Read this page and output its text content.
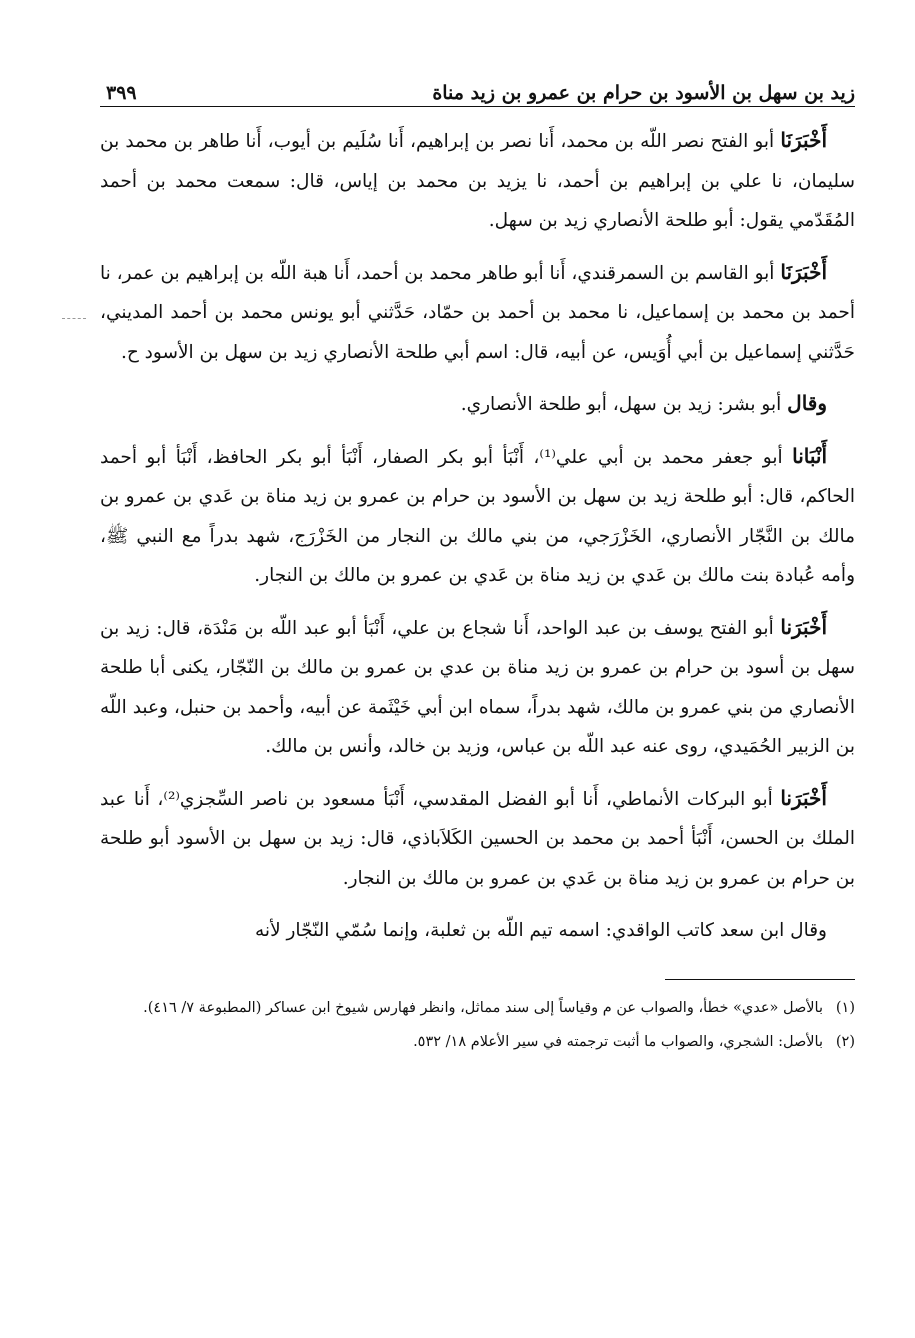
زيد بن سهل بن الأسود بن حرام بن عمرو بن زيد مناة
٣٩٩

أَخْبَرَنَا أبو الفتح نصر اللّه بن محمد، أَنا نصر بن إبراهيم، أَنا سُلَيم بن أيوب، أَنا طاهر بن محمد بن سليمان، نا علي بن إبراهيم بن أحمد، نا يزيد بن محمد بن إياس، قال: سمعت محمد بن أحمد المُقَدّمي يقول: أبو طلحة الأنصاري زيد بن سهل.

أَخْبَرَنَا أبو القاسم بن السمرقندي، أَنا أبو طاهر محمد بن أحمد، أَنا هبة اللّه بن إبراهيم بن عمر، نا أحمد بن محمد بن إسماعيل، نا محمد بن أحمد بن حمّاد، حَدَّثني أبو يونس محمد بن أحمد المديني، حَدَّثني إسماعيل بن أبي أُوَيس، عن أبيه، قال: اسم أبي طلحة الأنصاري زيد بن سهل بن الأسود ح.

وقال أبو بشر: زيد بن سهل، أبو طلحة الأنصاري.

أَنْبَانا أبو جعفر محمد بن أبي علي⁽¹⁾، أَنْبَأ أبو بكر الصفار، أَنْبَأ أبو بكر الحافظ، أَنْبَأ أبو أحمد الحاكم، قال: أبو طلحة زيد بن سهل بن الأسود بن حرام بن عمرو بن زيد مناة بن عَدي بن عمرو بن مالك بن النَّجّار الأنصاري، الخَزْرَجي، من بني مالك بن النجار من الخَزْرَج، شهد بدراً مع النبي ﷺ، وأمه عُبادة بنت مالك بن عَدي بن زيد مناة بن عَدي بن عمرو بن مالك بن النجار.

أَخْبَرَنا أبو الفتح يوسف بن عبد الواحد، أَنا شجاع بن علي، أَنْبَأ أبو عبد اللّه بن مَنْدَة، قال: زيد بن سهل بن أسود بن حرام بن عمرو بن زيد مناة بن عدي بن عمرو بن مالك بن النّجّار، يكنى أبا طلحة الأنصاري من بني عمرو بن مالك، شهد بدراً، سماه ابن أبي خَيْثَمة عن أبيه، وأحمد بن حنبل، وعبد اللّه بن الزبير الحُمَيدي، روى عنه عبد اللّه بن عباس، وزيد بن خالد، وأنس بن مالك.

أَخْبَرَنا أبو البركات الأنماطي، أَنا أبو الفضل المقدسي، أَنْبَأ مسعود بن ناصر السِّجزي⁽²⁾، أَنا عبد الملك بن الحسن، أَنْبَأ أحمد بن محمد بن الحسين الكَلاَباذي، قال: زيد بن سهل بن الأسود أبو طلحة بن حرام بن عمرو بن زيد مناة بن عَدي بن عمرو بن مالك بن النجار.

وقال ابن سعد كاتب الواقدي: اسمه تيم اللّه بن ثعلبة، وإنما سُمّي النّجّار لأنه

(١)
بالأصل «عدي» خطأ، والصواب عن م وقياساً إلى سند مماثل، وانظر فهارس شيوخ ابن عساكر (المطبوعة ٧/ ٤١٦).
(٢)
بالأصل: الشجري، والصواب ما أثبت ترجمته في سير الأعلام ١٨/ ٥٣٢.
